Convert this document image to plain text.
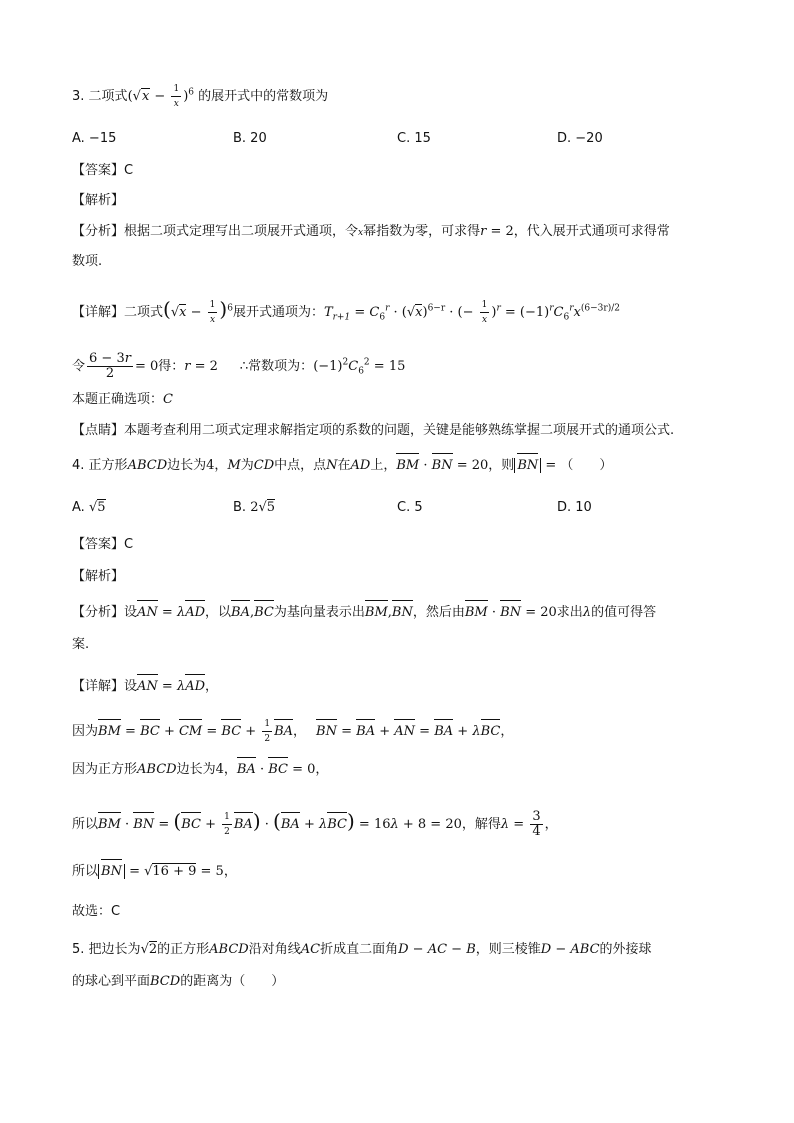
3. 二项式$(√x - \frac{1}{x} )^6$ 的展开式中的常数项为
A. −15	B. 20	C. 15	D. −20
【答案】C
【解析】
【分析】根据二项式定理写出二项展开式通项，令x幂指数为零，可求得r = 2，代入展开式通项可求得常
数项.
【详解】二项式$(√x - \frac{1}{x} )^6$展开式通项为：$T_{r+1} = C_6^r \cdot (√x)^{6-r}$ · (− $\frac{1}{x} )^r = (-1)^rC_6^rx^{(6-3r)/2}$
令 $\frac{6 - 3r}{2} = 0$得：r = 2 ∴常数项为：$(-1)^2C_6^2 = 15$
本题正确选项：C
【点睛】本题考查利用二项式定理求解指定项的系数的问题，关键是能够熟练掌握二项展开式的通项公式.
4. 正方形ABCD边长为4，M为CD中点，点N在AD上，BM · BN = 20，则 BN = （　　）
A. √5	B. 2√5	C. 5	D. 10
【答案】C
【解析】
【分析】设AN = λAD，以BA,BC为基向量表示出BM,BN，然后由BM · BN = 20求出λ的值可得答
案.
【详解】设AN = λAD，
因为BM = BC + CM = BC + $\frac{1}{2}$ BA， BN = BA + AN = BA + λBC，
因为正方形ABCD边长为4，BA · BC = 0，
所以BM · BN = $(BC + \frac{1}{2} BA) \cdot (BA + \lambda BC) = 16\lambda + 8 = 20$，解得$\lambda = \frac{3}{4}$ ，
所以 BN = √16 + 9 = 5，
故选：C
5. 把边长为√2的正方形ABCD沿对角线AC折成直二面角D − AC − B，则三棱锥D − ABC的外接球
的球心到平面BCD的距离为（　　）
